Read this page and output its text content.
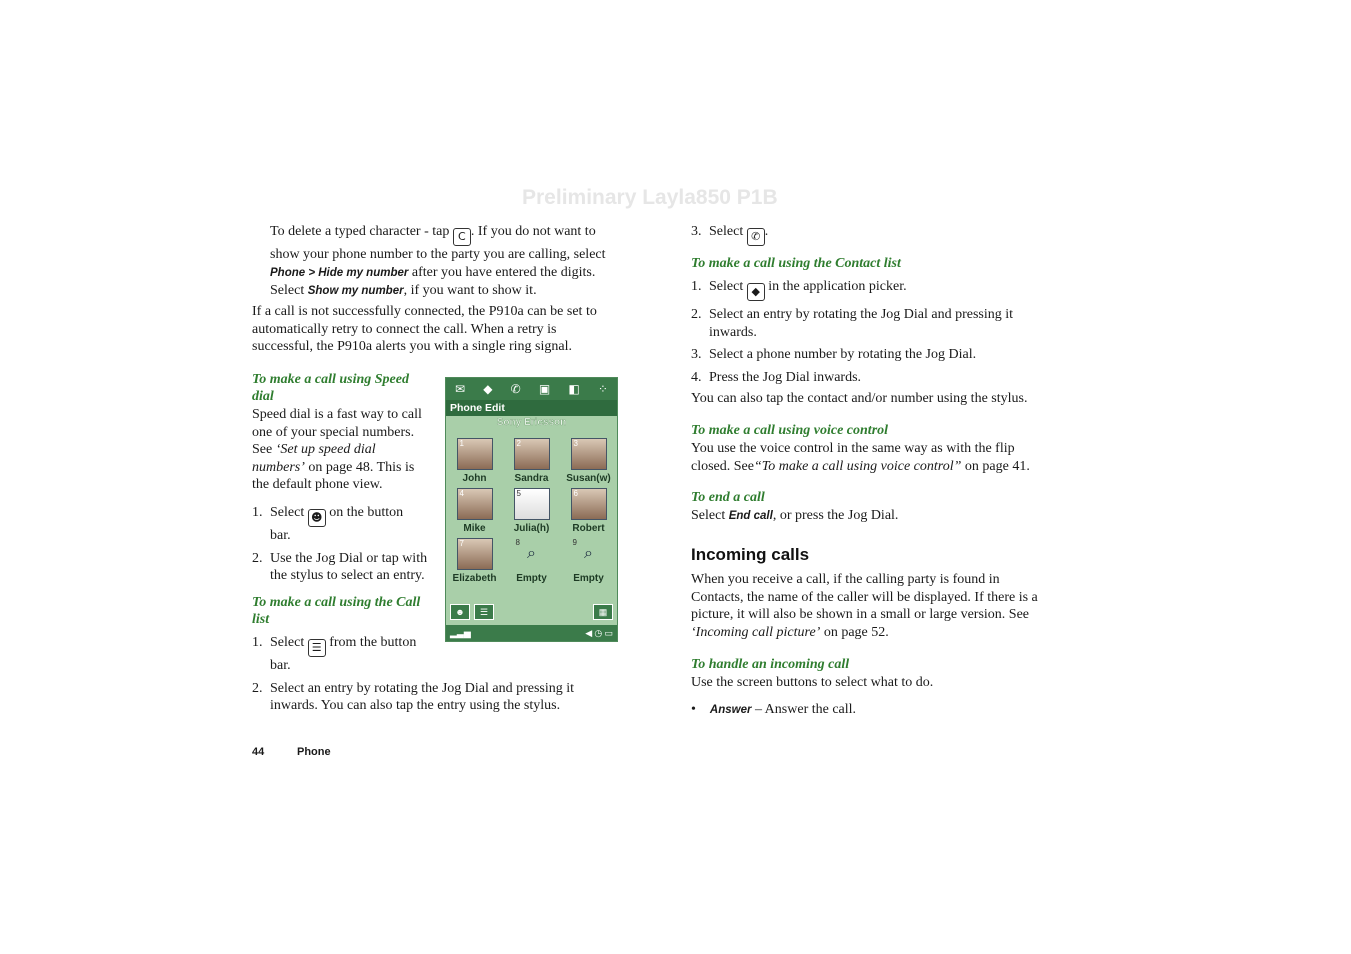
Preliminary Layla850 P1B

To delete a typed character - tap C . If you do not want to

show your phone number to the party you are calling, select

Phone > Hide my number after you have entered the digits.

Select Show my number, if you want to show it.

If a call is not successfully connected, the P910a can be set to

automatically retry to connect the call. When a retry is

successful, the P910a alerts you with a single ring signal.

To make a call using Speed

dial

Speed dial is a fast way to call

one of your special numbers.

See ‘Set up speed dial

numbers’ on page 48. This is

the default phone view.

1. Select ☻ on the button
bar.
2. Use the Jog Dial or tap with
the stylus to select an entry.

To make a call using the Call

list

1. Select ☰ from the button
bar.
2. Select an entry by rotating the Jog Dial and pressing it
inwards. You can also tap the entry using the stylus.
✉ ◆ ✆ ▣ ◧ ⁘
Phone Edit
Sony Ericsson
1
John
2
Sandra
3
Susan(w)
4
Mike
5
Julia(h)
6
Robert
7
Elizabeth
8
⌕
Empty
9
⌕
Empty
☻	☰	▦
▂▃▅	◀ ◷ ▭
3. Select ✆ .

To make a call using the Contact list

1. Select ◆ in the application picker.
2. Select an entry by rotating the Jog Dial and pressing it
inwards.
3. Select a phone number by rotating the Jog Dial.
4. Press the Jog Dial inwards.

You can also tap the contact and/or number using the stylus.

To make a call using voice control

You use the voice control in the same way as with the flip

closed. See“To make a call using voice control” on page 41.

To end a call

Select End call, or press the Jog Dial.

Incoming calls

When you receive a call, if the calling party is found in

Contacts, the name of the caller will be displayed. If there is a

picture, it will also be shown in a small or large version. See

‘Incoming call picture’ on page 52.

To handle an incoming call

Use the screen buttons to select what to do.

• Answer – Answer the call.

44	Phone
